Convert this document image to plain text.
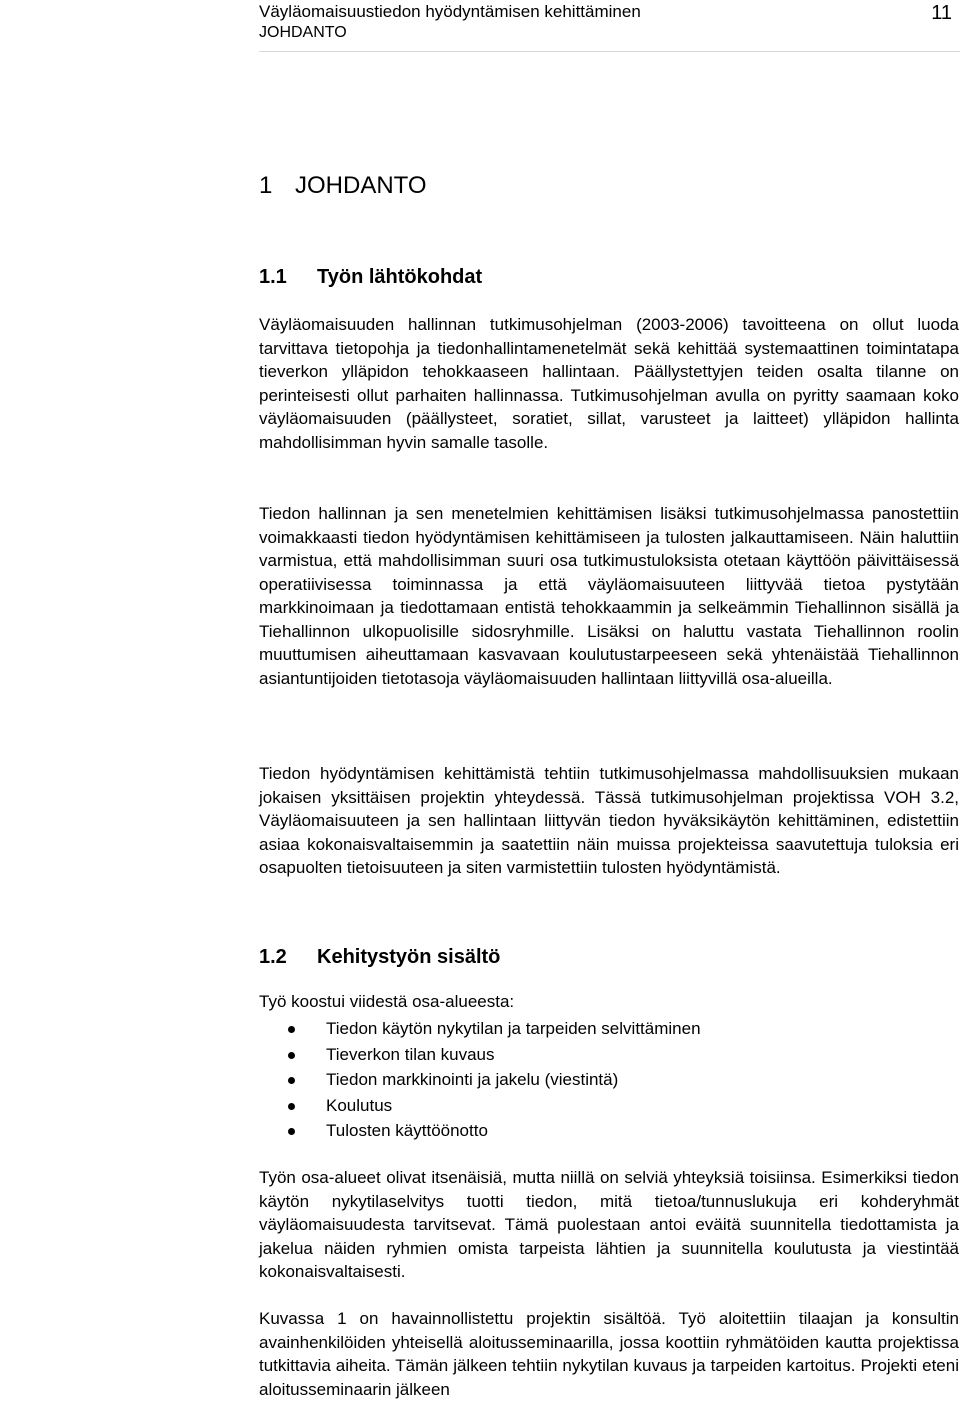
Väyläomaisuustiedon hyödyntämisen kehittäminen
JOHDANTO
11
1 JOHDANTO
1.1 Työn lähtökohdat

Väyläomaisuuden hallinnan tutkimusohjelman (2003-2006) tavoitteena on ollut luoda tarvittava tietopohja ja tiedonhallintamenetelmät sekä kehittää systemaattinen toimintatapa tieverkon ylläpidon tehokkaaseen hallintaan. Päällystettyjen teiden osalta tilanne on perinteisesti ollut parhaiten hallinnassa. Tutkimusohjelman avulla on pyritty saamaan koko väyläomaisuuden (päällysteet, soratiet, sillat, varusteet ja laitteet) ylläpidon hallinta mahdollisimman hyvin samalle tasolle.

Tiedon hallinnan ja sen menetelmien kehittämisen lisäksi tutkimusohjelmassa panostettiin voimakkaasti tiedon hyödyntämisen kehittämiseen ja tulosten jalkauttamiseen. Näin haluttiin varmistua, että mahdollisimman suuri osa tutkimustuloksista otetaan käyttöön päivittäisessä operatiivisessa toiminnassa ja että väyläomaisuuteen liittyvää tietoa pystytään markkinoimaan ja tiedottamaan entistä tehokkaammin ja selkeämmin Tiehallinnon sisällä ja Tiehallinnon ulkopuolisille sidosryhmille. Lisäksi on haluttu vastata Tiehallinnon roolin muuttumisen aiheuttamaan kasvavaan koulutustarpeeseen sekä yhtenäistää Tiehallinnon asiantuntijoiden tietotasoja väyläomaisuuden hallintaan liittyvillä osa-alueilla.

Tiedon hyödyntämisen kehittämistä tehtiin tutkimusohjelmassa mahdollisuuksien mukaan jokaisen yksittäisen projektin yhteydessä. Tässä tutkimusohjelman projektissa VOH 3.2, Väyläomaisuuteen ja sen hallintaan liittyvän tiedon hyväksikäytön kehittäminen, edistettiin asiaa kokonaisvaltaisemmin ja saatettiin näin muissa projekteissa saavutettuja tuloksia eri osapuolten tietoisuuteen ja siten varmistettiin tulosten hyödyntämistä.

1.2 Kehitystyön sisältö

Työ koostui viidestä osa-alueesta:

Tiedon käytön nykytilan ja tarpeiden selvittäminen
Tieverkon tilan kuvaus
Tiedon markkinointi ja jakelu (viestintä)
Koulutus
Tulosten käyttöönotto

Työn osa-alueet olivat itsenäisiä, mutta niillä on selviä yhteyksiä toisiinsa. Esimerkiksi tiedon käytön nykytilaselvitys tuotti tiedon, mitä tietoa/tunnuslukuja eri kohderyhmät väyläomaisuudesta tarvitsevat. Tämä puolestaan antoi eväitä suunnitella tiedottamista ja jakelua näiden ryhmien omista tarpeista lähtien ja suunnitella koulutusta ja viestintää kokonaisvaltaisesti.

Kuvassa 1 on havainnollistettu projektin sisältöä. Työ aloitettiin tilaajan ja konsultin avainhenkilöiden yhteisellä aloitusseminaarilla, jossa koottiin ryhmätöiden kautta projektissa tutkittavia aiheita. Tämän jälkeen tehtiin nykytilan kuvaus ja tarpeiden kartoitus. Projekti eteni aloitusseminaarin jälkeen
